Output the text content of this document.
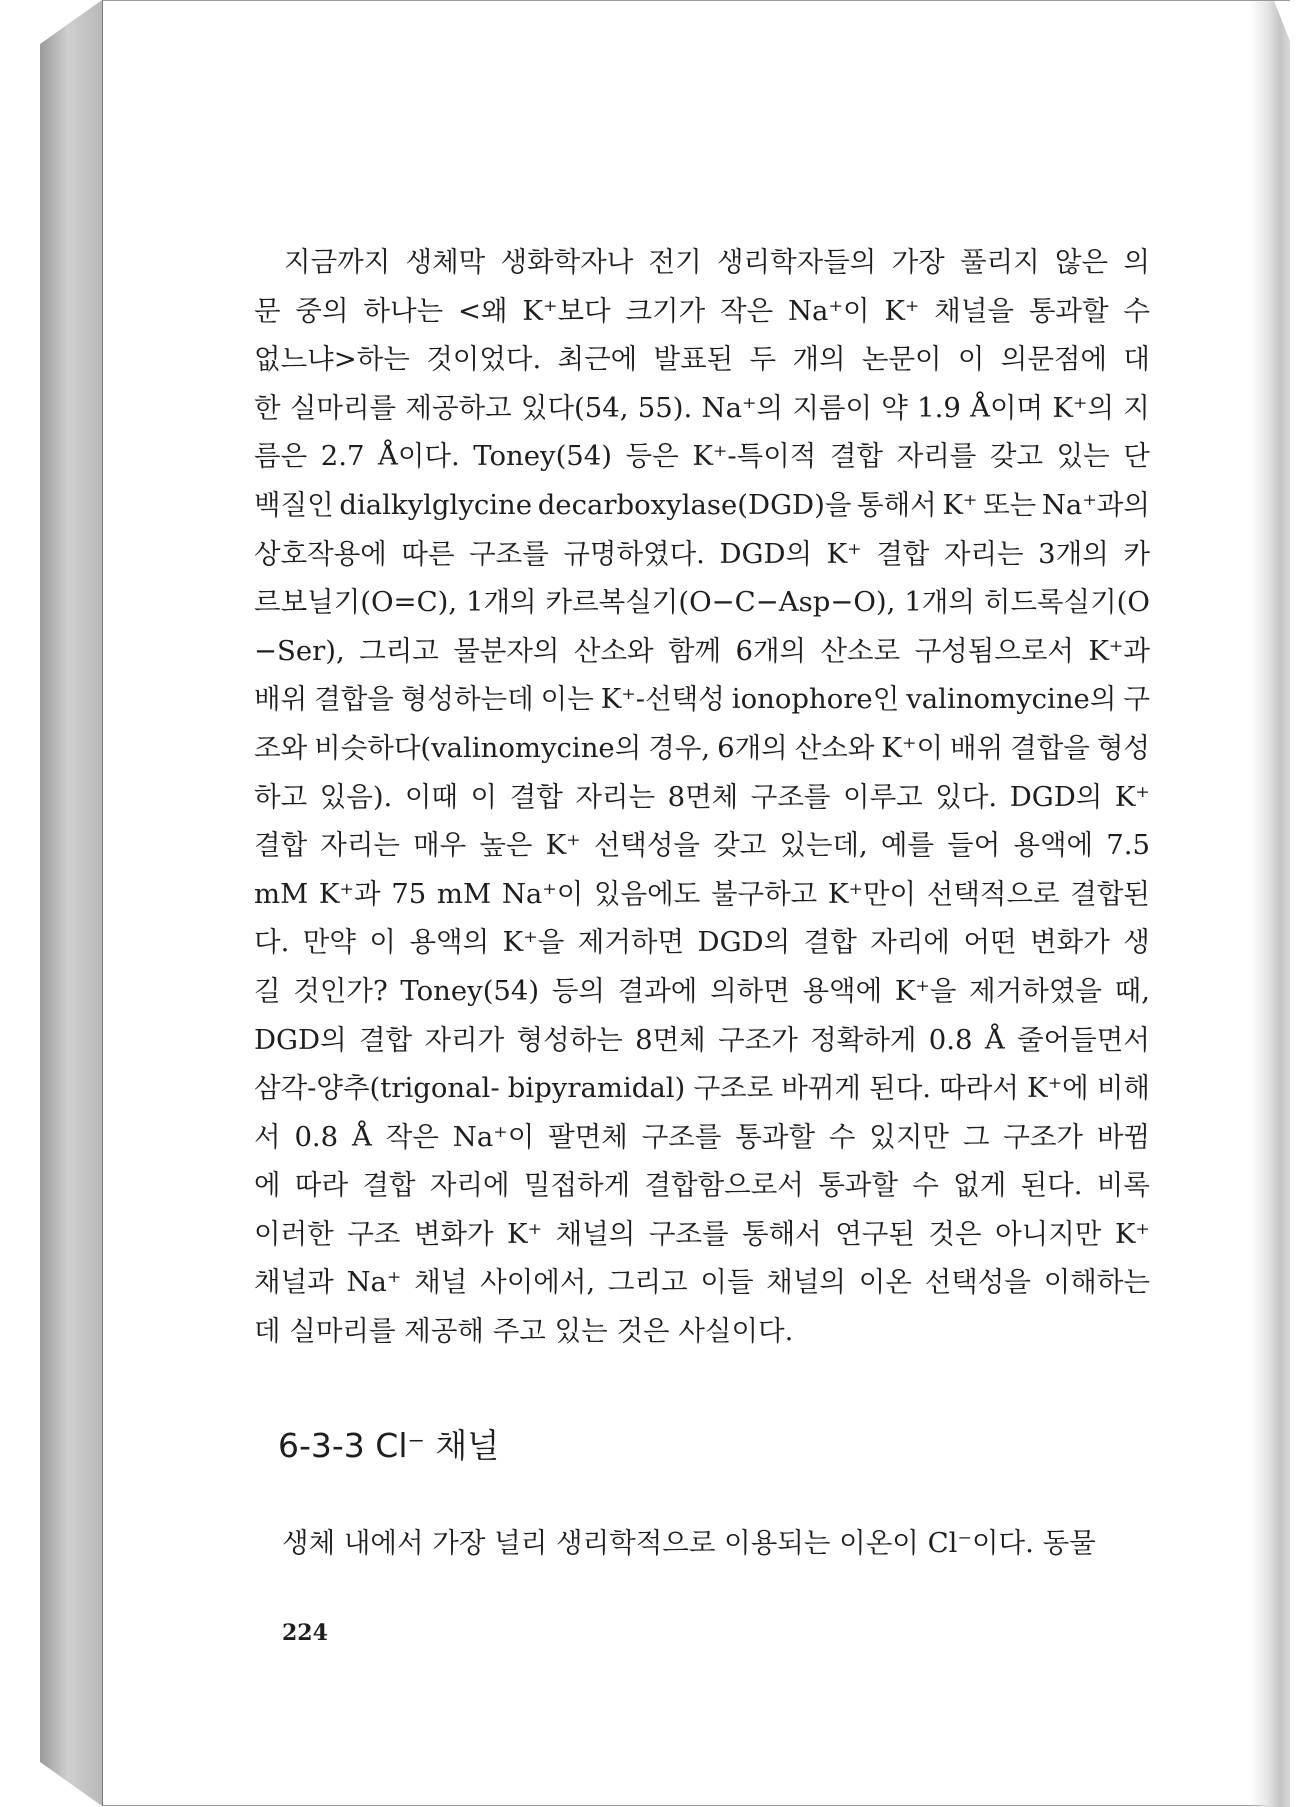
지금까지 생체막 생화학자나 전기 생리학자들의 가장 풀리지 않은 의
문 중의 하나는 <왜 K⁺보다 크기가 작은 Na⁺이 K⁺ 채널을 통과할 수
없느냐>하는 것이었다. 최근에 발표된 두 개의 논문이 이 의문점에 대
한 실마리를 제공하고 있다(54, 55). Na⁺의 지름이 약 1.9 Å이며 K⁺의 지
름은 2.7 Å이다. Toney(54) 등은 K⁺-특이적 결합 자리를 갖고 있는 단
백질인 dialkylglycine decarboxylase(DGD)을 통해서 K⁺ 또는 Na⁺과의
상호작용에 따른 구조를 규명하였다. DGD의 K⁺ 결합 자리는 3개의 카
르보닐기(O=C), 1개의 카르복실기(O−C−Asp−O), 1개의 히드록실기(O
−Ser), 그리고 물분자의 산소와 함께 6개의 산소로 구성됨으로서 K⁺과
배위 결합을 형성하는데 이는 K⁺-선택성 ionophore인 valinomycine의 구
조와 비슷하다(valinomycine의 경우, 6개의 산소와 K⁺이 배위 결합을 형성
하고 있음). 이때 이 결합 자리는 8면체 구조를 이루고 있다. DGD의 K⁺
결합 자리는 매우 높은 K⁺ 선택성을 갖고 있는데, 예를 들어 용액에 7.5
mM K⁺과 75 mM Na⁺이 있음에도 불구하고 K⁺만이 선택적으로 결합된
다. 만약 이 용액의 K⁺을 제거하면 DGD의 결합 자리에 어떤 변화가 생
길 것인가? Toney(54) 등의 결과에 의하면 용액에 K⁺을 제거하였을 때,
DGD의 결합 자리가 형성하는 8면체 구조가 정확하게 0.8 Å 줄어들면서
삼각-양추(trigonal- bipyramidal) 구조로 바뀌게 된다. 따라서 K⁺에 비해
서 0.8 Å 작은 Na⁺이 팔면체 구조를 통과할 수 있지만 그 구조가 바뀜
에 따라 결합 자리에 밀접하게 결합함으로서 통과할 수 없게 된다. 비록
이러한 구조 변화가 K⁺ 채널의 구조를 통해서 연구된 것은 아니지만 K⁺
채널과 Na⁺ 채널 사이에서, 그리고 이들 채널의 이온 선택성을 이해하는
데 실마리를 제공해 주고 있는 것은 사실이다.
6-3-3 Cl⁻ 채널
생체 내에서 가장 널리 생리학적으로 이용되는 이온이 Cl⁻이다. 동물
224
